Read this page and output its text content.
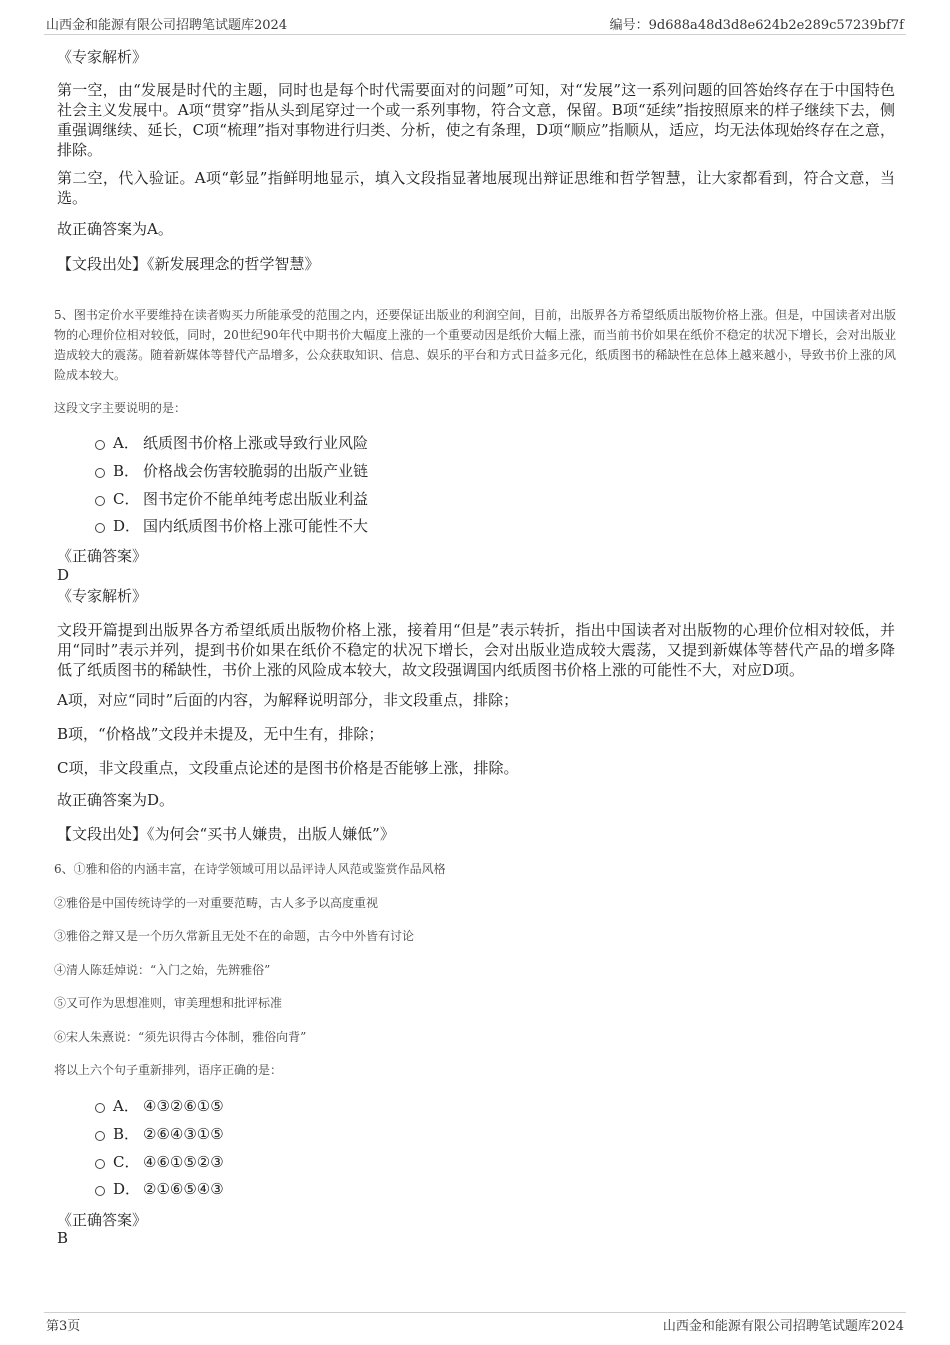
山西金和能源有限公司招聘笔试题库2024	编号：9d688a48d3d8e624b2e289c57239bf7f
《专家解析》
第一空，由“发展是时代的主题，同时也是每个时代需要面对的问题”可知，对“发展”这一系列问题的回答始终存在于中国特色社会主义发展中。A项“贯穿”指从头到尾穿过一个或一系列事物，符合文意，保留。B项“延续”指按照原来的样子继续下去，侧重强调继续、延长，C项“梳理”指对事物进行归类、分析，使之有条理，D项“顺应”指顺从，适应，均无法体现始终存在之意，排除。
第二空，代入验证。A项“彰显”指鲜明地显示，填入文段指显著地展现出辩证思维和哲学智慧，让大家都看到，符合文意，当选。
故正确答案为A。
【文段出处】《新发展理念的哲学智慧》
5、图书定价水平要维持在读者购买力所能承受的范围之内，还要保证出版业的利润空间，目前，出版界各方希望纸质出版物价格上涨。但是，中国读者对出版物的心理价位相对较低，同时，20世纪90年代中期书价大幅度上涨的一个重要动因是纸价大幅上涨，而当前书价如果在纸价不稳定的状况下增长，会对出版业造成较大的震荡。随着新媒体等替代产品增多，公众获取知识、信息、娱乐的平台和方式日益多元化，纸质图书的稀缺性在总体上越来越小，导致书价上涨的风险成本较大。
这段文字主要说明的是：
A． 纸质图书价格上涨或导致行业风险
B． 价格战会伤害较脆弱的出版产业链
C． 图书定价不能单纯考虑出版业利益
D． 国内纸质图书价格上涨可能性不大
《正确答案》
D
《专家解析》
文段开篇提到出版界各方希望纸质出版物价格上涨，接着用“但是”表示转折，指出中国读者对出版物的心理价位相对较低，并用“同时”表示并列，提到书价如果在纸价不稳定的状况下增长，会对出版业造成较大震荡，又提到新媒体等替代产品的增多降低了纸质图书的稀缺性，书价上涨的风险成本较大，故文段强调国内纸质图书价格上涨的可能性不大，对应D项。
A项，对应“同时”后面的内容，为解释说明部分，非文段重点，排除；
B项，“价格战”文段并未提及，无中生有，排除；
C项，非文段重点，文段重点论述的是图书价格是否能够上涨，排除。
故正确答案为D。
【文段出处】《为何会“买书人嫌贵，出版人嫌低”》
6、①雅和俗的内涵丰富，在诗学领域可用以品评诗人风范或鉴赏作品风格
②雅俗是中国传统诗学的一对重要范畴，古人多予以高度重视
③雅俗之辩又是一个历久常新且无处不在的命题，古今中外皆有讨论
④清人陈廷焯说：“入门之始，先辨雅俗”
⑤又可作为思想准则，审美理想和批评标准
⑥宋人朱熹说：“须先识得古今体制，雅俗向背”
将以上六个句子重新排列，语序正确的是：
A． ④③②⑥①⑤
B． ②⑥④③①⑤
C． ④⑥①⑤②③
D． ②①⑥⑤④③
《正确答案》
B
第3页	山西金和能源有限公司招聘笔试题库2024
